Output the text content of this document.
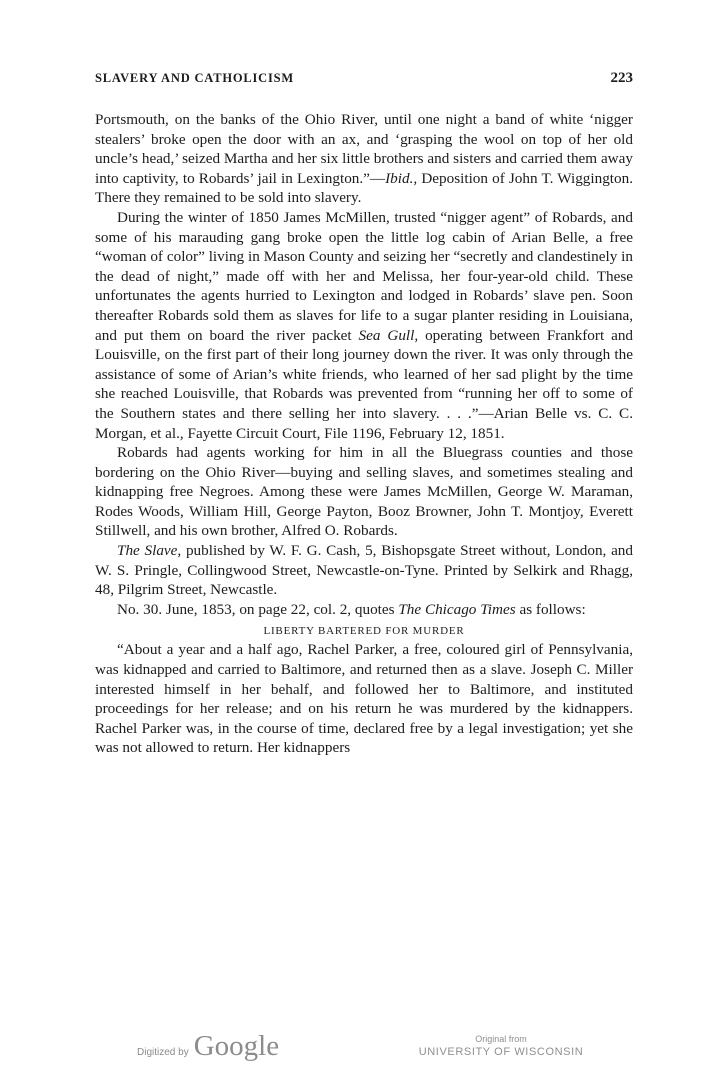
SLAVERY AND CATHOLICISM	223

Portsmouth, on the banks of the Ohio River, until one night a band of white ‘nigger stealers’ broke open the door with an ax, and ‘grasping the wool on top of her old uncle’s head,’ seized Martha and her six little brothers and sisters and carried them away into captivity, to Robards’ jail in Lexington.”—Ibid., Deposition of John T. Wiggington. There they remained to be sold into slavery.

During the winter of 1850 James McMillen, trusted “nigger agent” of Robards, and some of his marauding gang broke open the little log cabin of Arian Belle, a free “woman of color” living in Mason County and seizing her “secretly and clandestinely in the dead of night,” made off with her and Melissa, her four-year-old child. These unfortunates the agents hurried to Lexington and lodged in Robards’ slave pen. Soon thereafter Robards sold them as slaves for life to a sugar planter residing in Louisiana, and put them on board the river packet Sea Gull, operating between Frankfort and Louisville, on the first part of their long journey down the river. It was only through the assistance of some of Arian’s white friends, who learned of her sad plight by the time she reached Louisville, that Robards was prevented from “running her off to some of the Southern states and there selling her into slavery. . . .”—Arian Belle vs. C. C. Morgan, et al., Fayette Circuit Court, File 1196, February 12, 1851.

Robards had agents working for him in all the Bluegrass counties and those bordering on the Ohio River—buying and selling slaves, and sometimes stealing and kidnapping free Negroes. Among these were James McMillen, George W. Maraman, Rodes Woods, William Hill, George Payton, Booz Browner, John T. Montjoy, Everett Stillwell, and his own brother, Alfred O. Robards.

The Slave, published by W. F. G. Cash, 5, Bishopsgate Street without, London, and W. S. Pringle, Collingwood Street, Newcastle-on-Tyne. Printed by Selkirk and Rhagg, 48, Pilgrim Street, Newcastle.

No. 30. June, 1853, on page 22, col. 2, quotes The Chicago Times as follows:

LIBERTY BARTERED FOR MURDER

“About a year and a half ago, Rachel Parker, a free, coloured girl of Pennsylvania, was kidnapped and carried to Baltimore, and returned then as a slave. Joseph C. Miller interested himself in her behalf, and followed her to Baltimore, and instituted proceedings for her release; and on his return he was murdered by the kidnappers. Rachel Parker was, in the course of time, declared free by a legal investigation; yet she was not allowed to return. Her kidnappers

Digitized by Google	Original from
UNIVERSITY OF WISCONSIN
